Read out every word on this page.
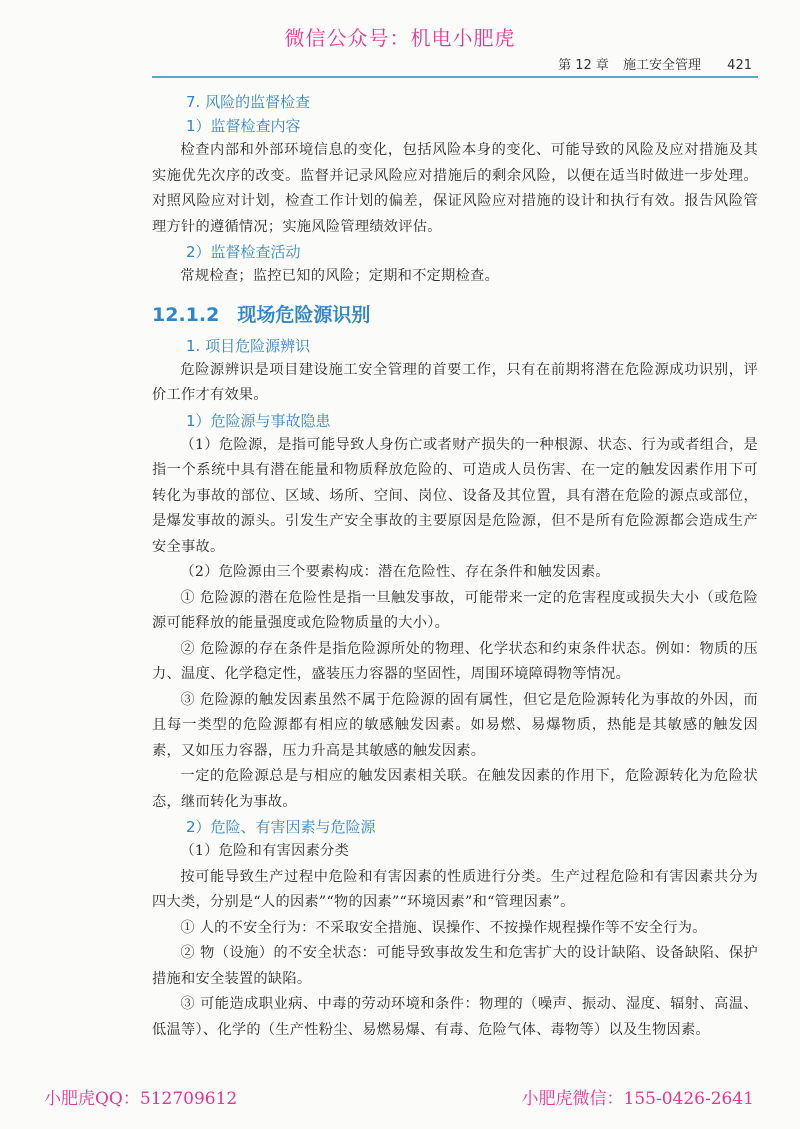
微信公众号：机电小肥虎
第 12 章 施工安全管理 421
7. 风险的监督检查
1）监督检查内容

检查内部和外部环境信息的变化，包括风险本身的变化、可能导致的风险及应对措施及其实施优先次序的改变。监督并记录风险应对措施后的剩余风险，以便在适当时做进一步处理。对照风险应对计划，检查工作计划的偏差，保证风险应对措施的设计和执行有效。报告风险管理方针的遵循情况；实施风险管理绩效评估。

2）监督检查活动

常规检查；监控已知的风险；定期和不定期检查。

12.1.2 现场危险源识别
1. 项目危险源辨识

危险源辨识是项目建设施工安全管理的首要工作，只有在前期将潜在危险源成功识别，评价工作才有效果。

1）危险源与事故隐患

（1）危险源，是指可能导致人身伤亡或者财产损失的一种根源、状态、行为或者组合，是指一个系统中具有潜在能量和物质释放危险的、可造成人员伤害、在一定的触发因素作用下可转化为事故的部位、区域、场所、空间、岗位、设备及其位置，具有潜在危险的源点或部位，是爆发事故的源头。引发生产安全事故的主要原因是危险源，但不是所有危险源都会造成生产安全事故。

（2）危险源由三个要素构成：潜在危险性、存在条件和触发因素。

① 危险源的潜在危险性是指一旦触发事故，可能带来一定的危害程度或损失大小（或危险源可能释放的能量强度或危险物质量的大小）。

② 危险源的存在条件是指危险源所处的物理、化学状态和约束条件状态。例如：物质的压力、温度、化学稳定性，盛装压力容器的坚固性，周围环境障碍物等情况。

③ 危险源的触发因素虽然不属于危险源的固有属性，但它是危险源转化为事故的外因，而且每一类型的危险源都有相应的敏感触发因素。如易燃、易爆物质，热能是其敏感的触发因素，又如压力容器，压力升高是其敏感的触发因素。

一定的危险源总是与相应的触发因素相关联。在触发因素的作用下，危险源转化为危险状态，继而转化为事故。

2）危险、有害因素与危险源

（1）危险和有害因素分类

按可能导致生产过程中危险和有害因素的性质进行分类。生产过程危险和有害因素共分为四大类，分别是“人的因素”“物的因素”“环境因素”和“管理因素”。

① 人的不安全行为：不采取安全措施、误操作、不按操作规程操作等不安全行为。

② 物（设施）的不安全状态：可能导致事故发生和危害扩大的设计缺陷、设备缺陷、保护措施和安全装置的缺陷。

③ 可能造成职业病、中毒的劳动环境和条件：物理的（噪声、振动、湿度、辐射、高温、低温等）、化学的（生产性粉尘、易燃易爆、有毒、危险气体、毒物等）以及生物因素。

小肥虎QQ：512709612	小肥虎微信：155-0426-2641
